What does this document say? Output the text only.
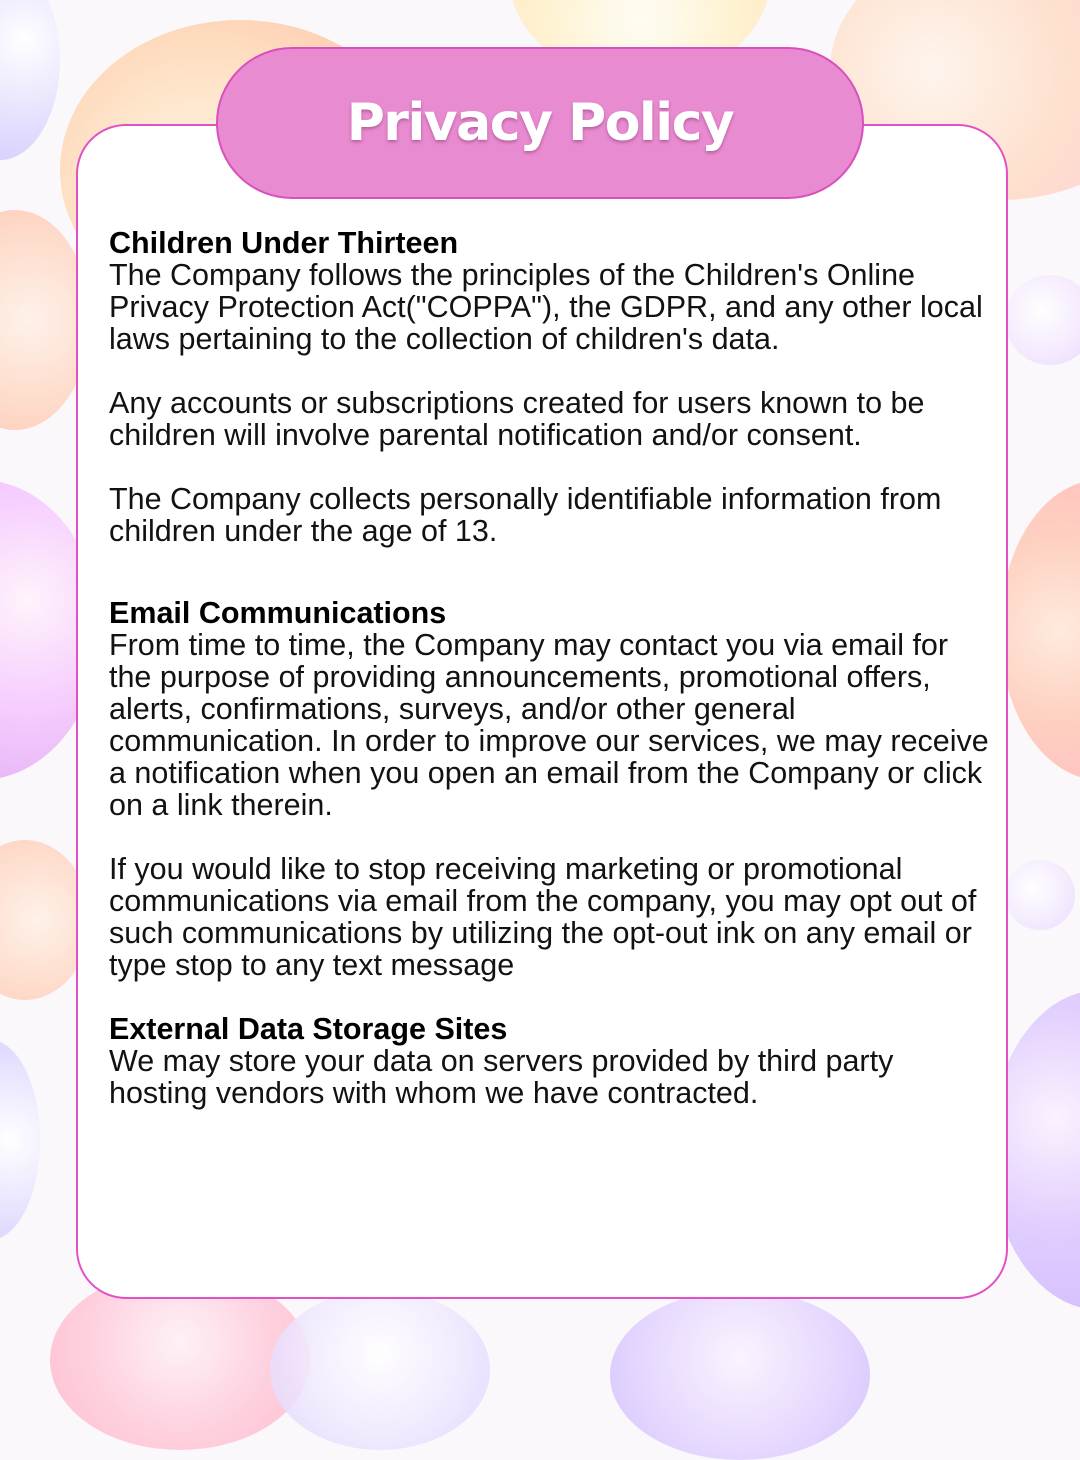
Privacy Policy
Children Under Thirteen

The Company follows the principles of the Children's Online Privacy Protection Act("COPPA"), the GDPR, and any other local laws pertaining to the collection of children's data.

Any accounts or subscriptions created for users known to be children will involve parental notification and/or consent.

The Company collects personally identifiable information from children under the age of 13.

Email Communications

From time to time, the Company may contact you via email for the purpose of providing announcements, promotional offers, alerts, confirmations, surveys, and/or other general communication. In order to improve our services, we may receive a notification when you open an email from the Company or click on a link therein.

If you would like to stop receiving marketing or promotional communications via email from the company, you may opt out of such communications by utilizing the opt-out ink on any email or type stop to any text message

External Data Storage Sites

We may store your data on servers provided by third party hosting vendors with whom we have contracted.
